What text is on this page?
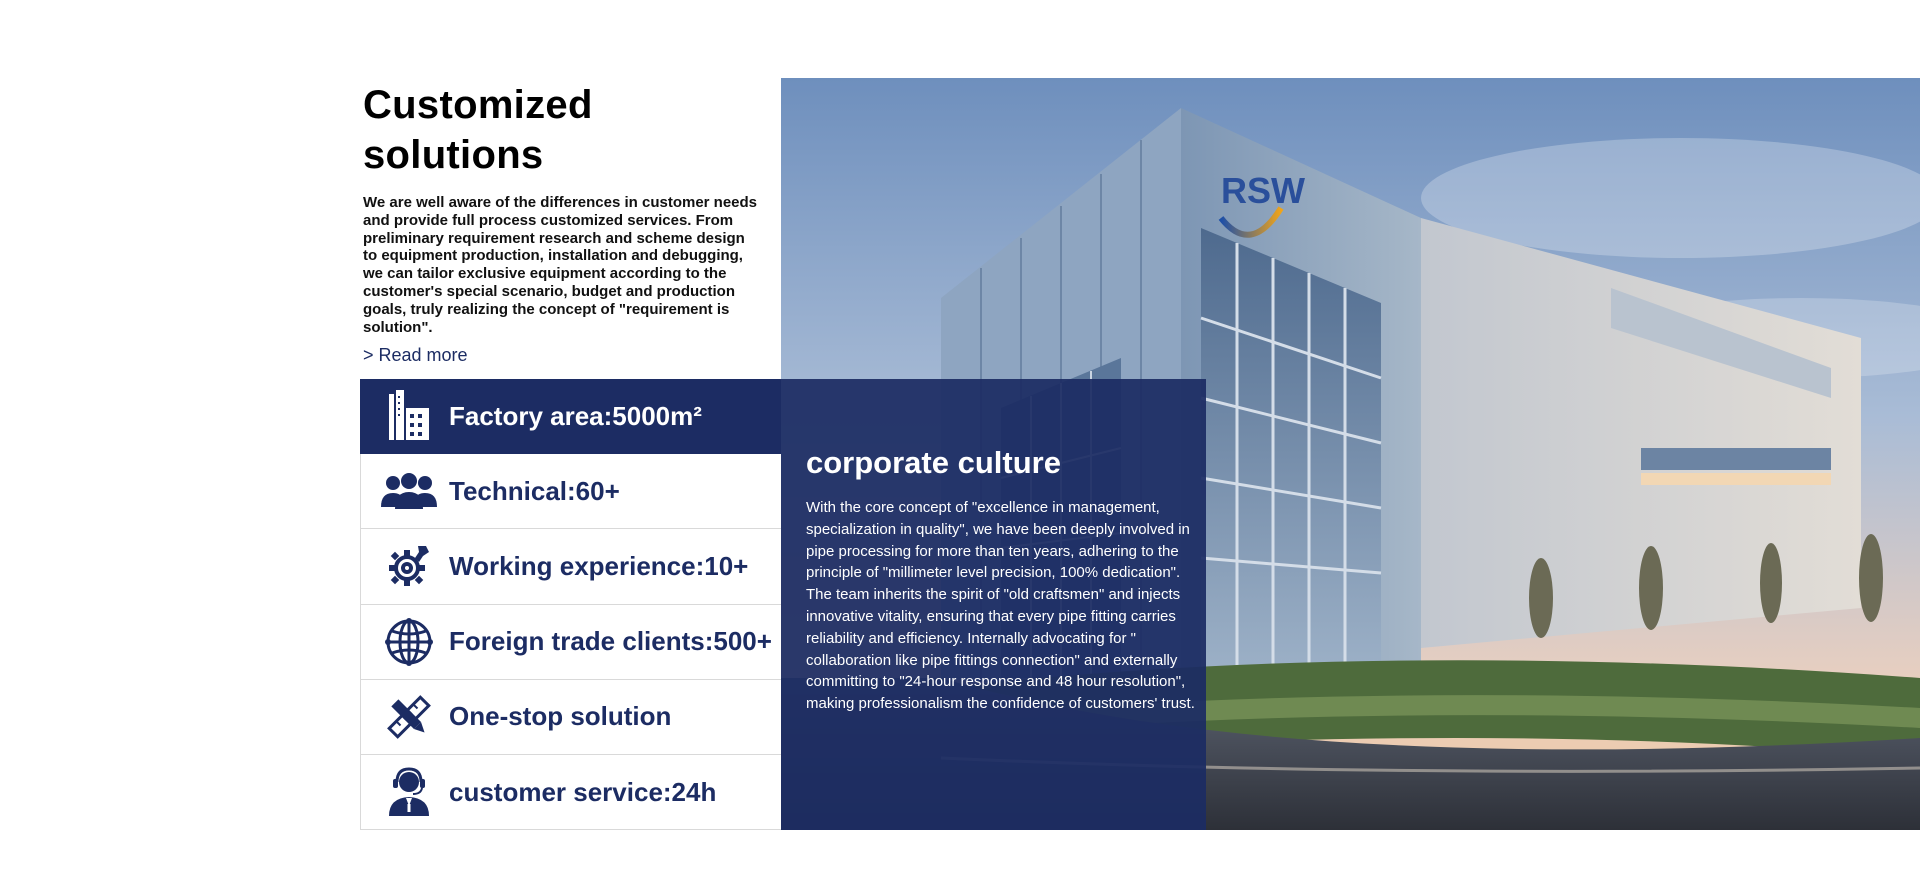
Customized solutions

We are well aware of the differences in customer needs and provide full process customized services. From preliminary requirement research and scheme design to equipment production, installation and debugging, we can tailor exclusive equipment according to the customer's special scenario, budget and production goals, truly realizing the concept of "requirement is solution".

> Read more
RSW
Factory area:5000m²
Technical:60+
Working experience:10+
Foreign trade clients:500+
One-stop solution
customer service:24h
corporate culture

With the core concept of "excellence in management, specialization in quality", we have been deeply involved in pipe processing for more than ten years, adhering to the principle of "millimeter level precision, 100% dedication". The team inherits the spirit of "old craftsmen" and injects innovative vitality, ensuring that every pipe fitting carries reliability and efficiency. Internally advocating for " collaboration like pipe fittings connection" and externally committing to "24-hour response and 48 hour resolution", making professionalism the confidence of customers' trust.
